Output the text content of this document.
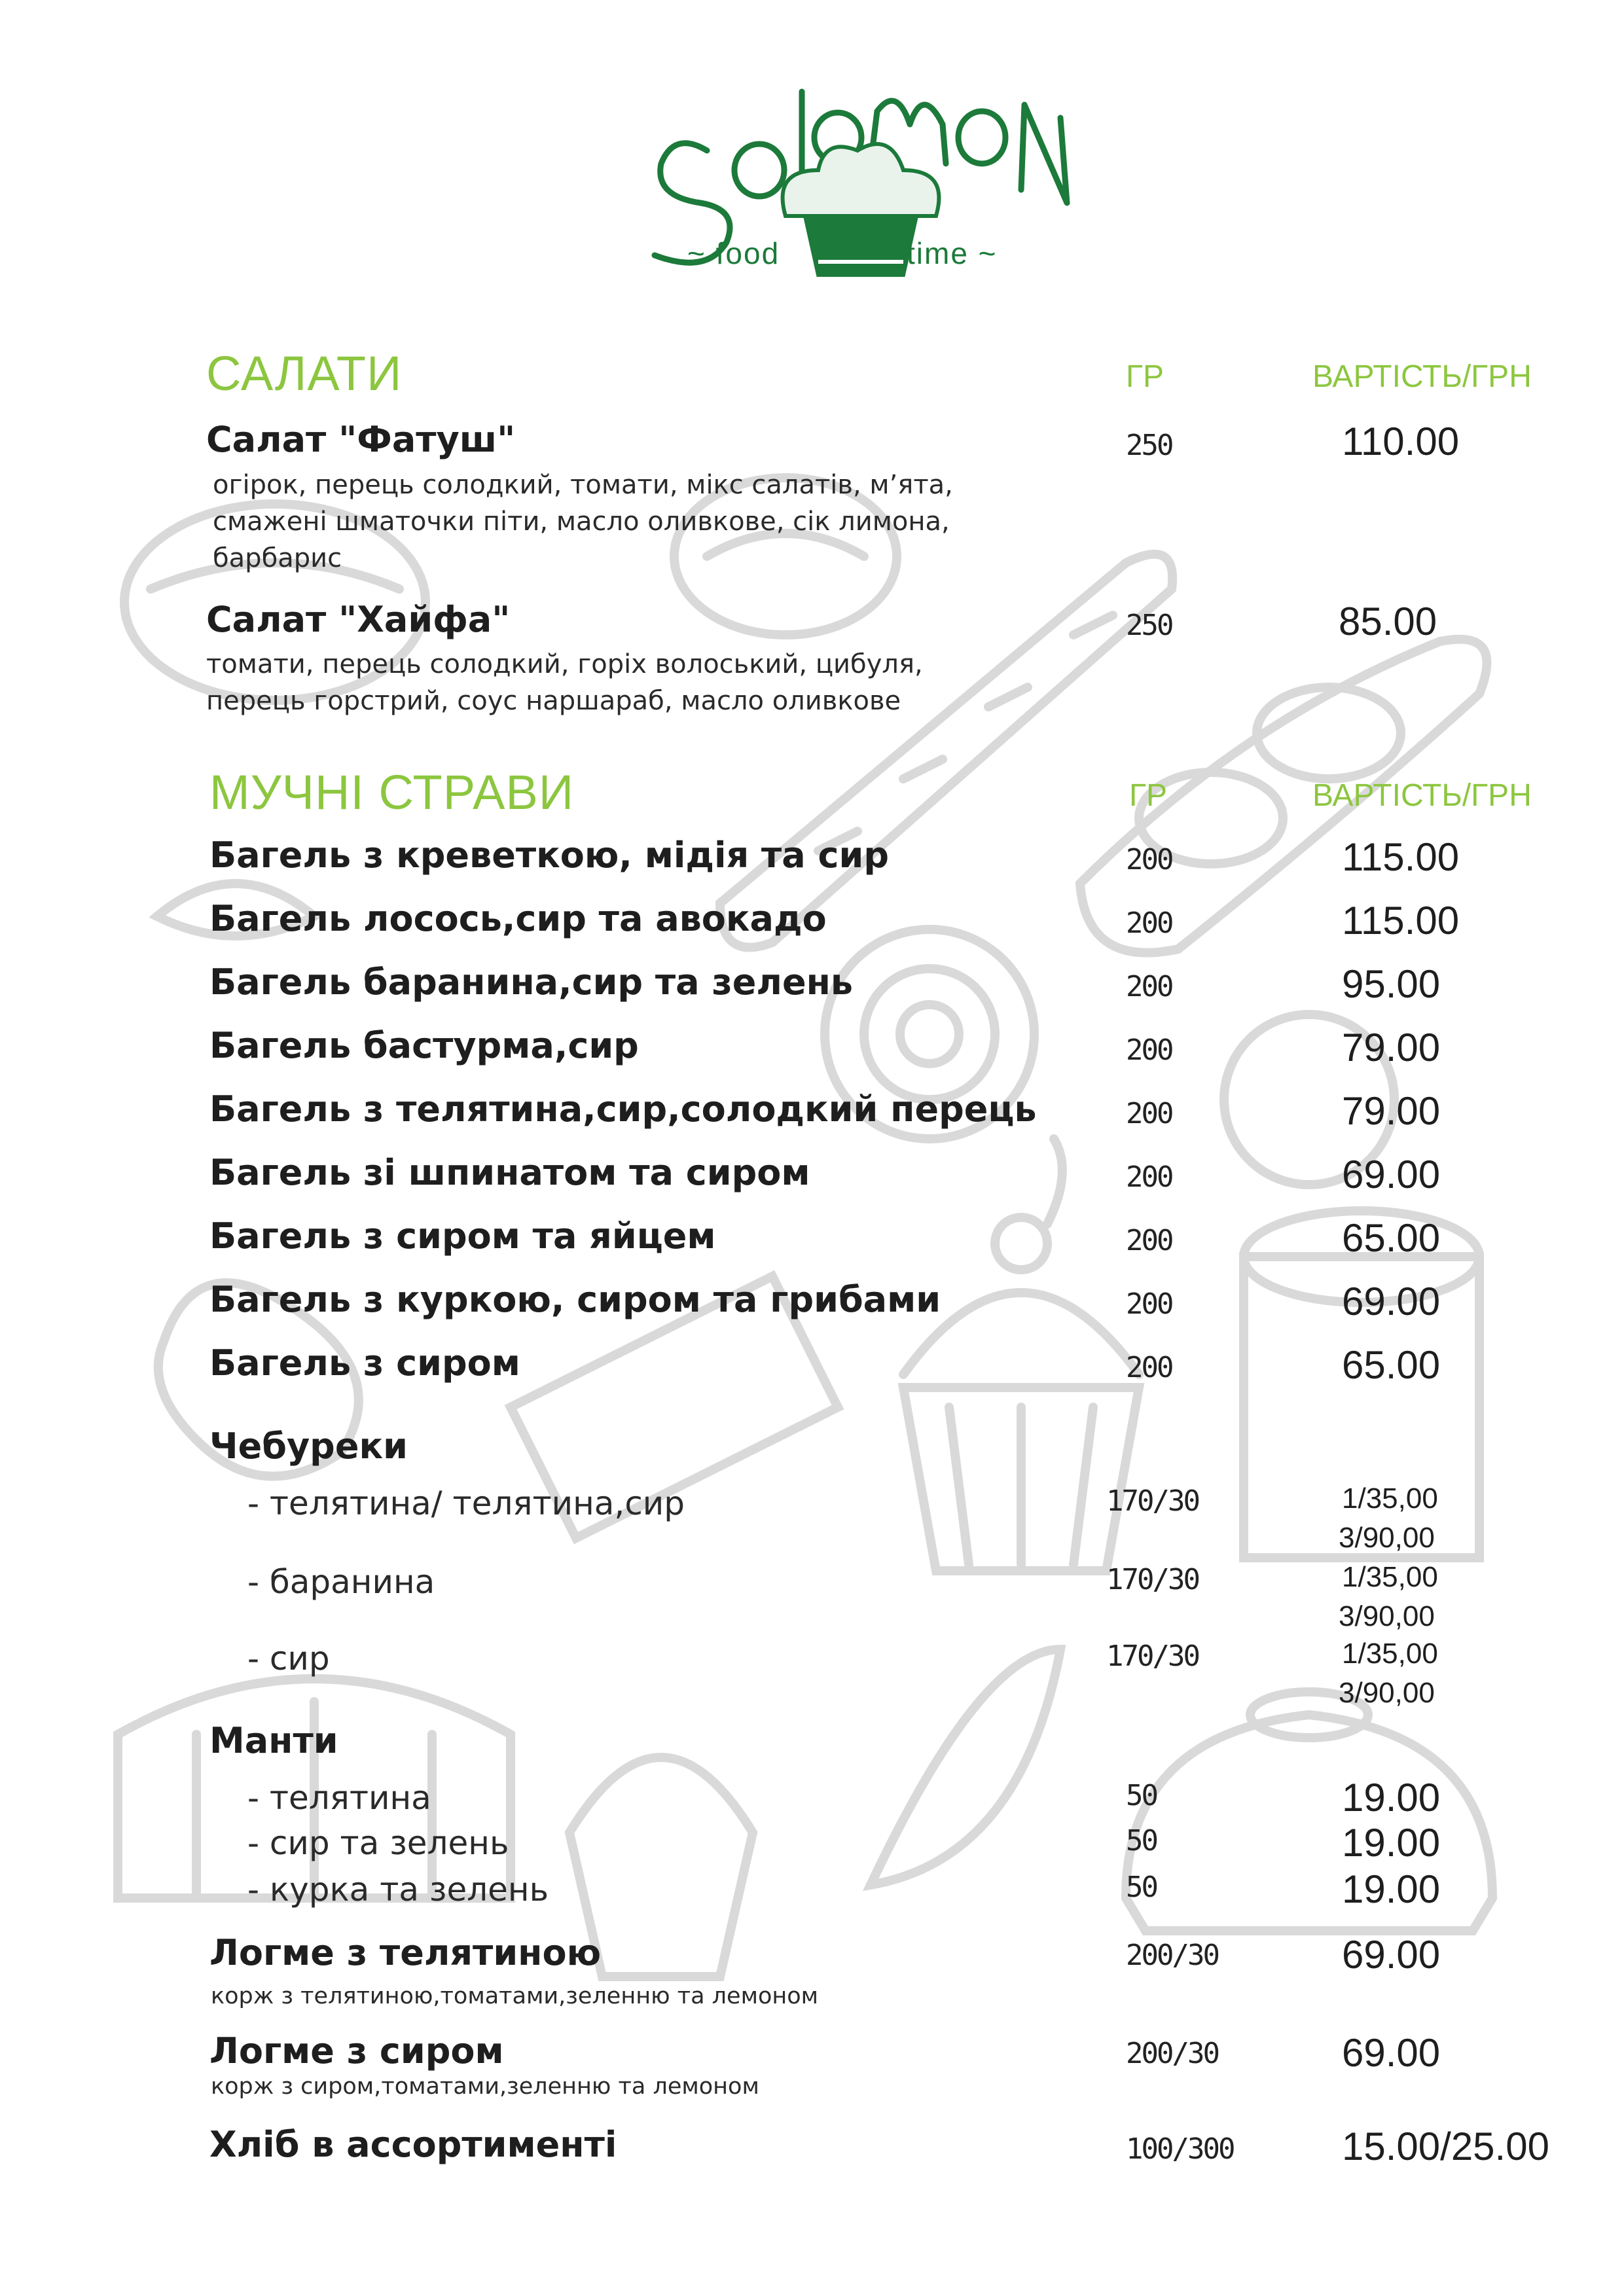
~ food	time ~
САЛАТИ	ГР	ВАРТІСТЬ/ГРН
Салат "Фатуш"	250	110.00
огірок, перець солодкий, томати, мікс салатів, м’ята,
смажені шматочки піти, масло оливкове, сік лимона,
барбарис
Салат "Хайфа"	250	85.00
томати, перець солодкий, горіх волоський, цибуля,
перець горстрий, соус наршараб, масло оливкове
МУЧНІ СТРАВИ	ГР	ВАРТІСТЬ/ГРН
Багель з креветкою, мідія та сир	200	115.00
Багель лосось,сир та авокадо	200	115.00
Багель баранина,сир та зелень	200	95.00
Багель бастурма,сир	200	79.00
Багель з телятина,сир,солодкий перець	200	79.00
Багель зі шпинатом та сиром	200	69.00
Багель з сиром та яйцем	200	65.00
Багель з куркою, сиром та грибами	200	69.00
Багель з сиром	200	65.00
Чебуреки
- телятина/ телятина,сир	170/30	1/35,00
3/90,00
- баранина	170/30	1/35,00
3/90,00
- сир	170/30	1/35,00
3/90,00
Манти
- телятина	50	19.00
- сир та зелень	50	19.00
- курка та зелень	50	19.00
Логме з телятиною	200/30	69.00
корж з телятиною,томатами,зеленню та лемоном
Логме з сиром	200/30	69.00
корж з сиром,томатами,зеленню та лемоном
Хліб в ассортименті	100/300	15.00/25.00
